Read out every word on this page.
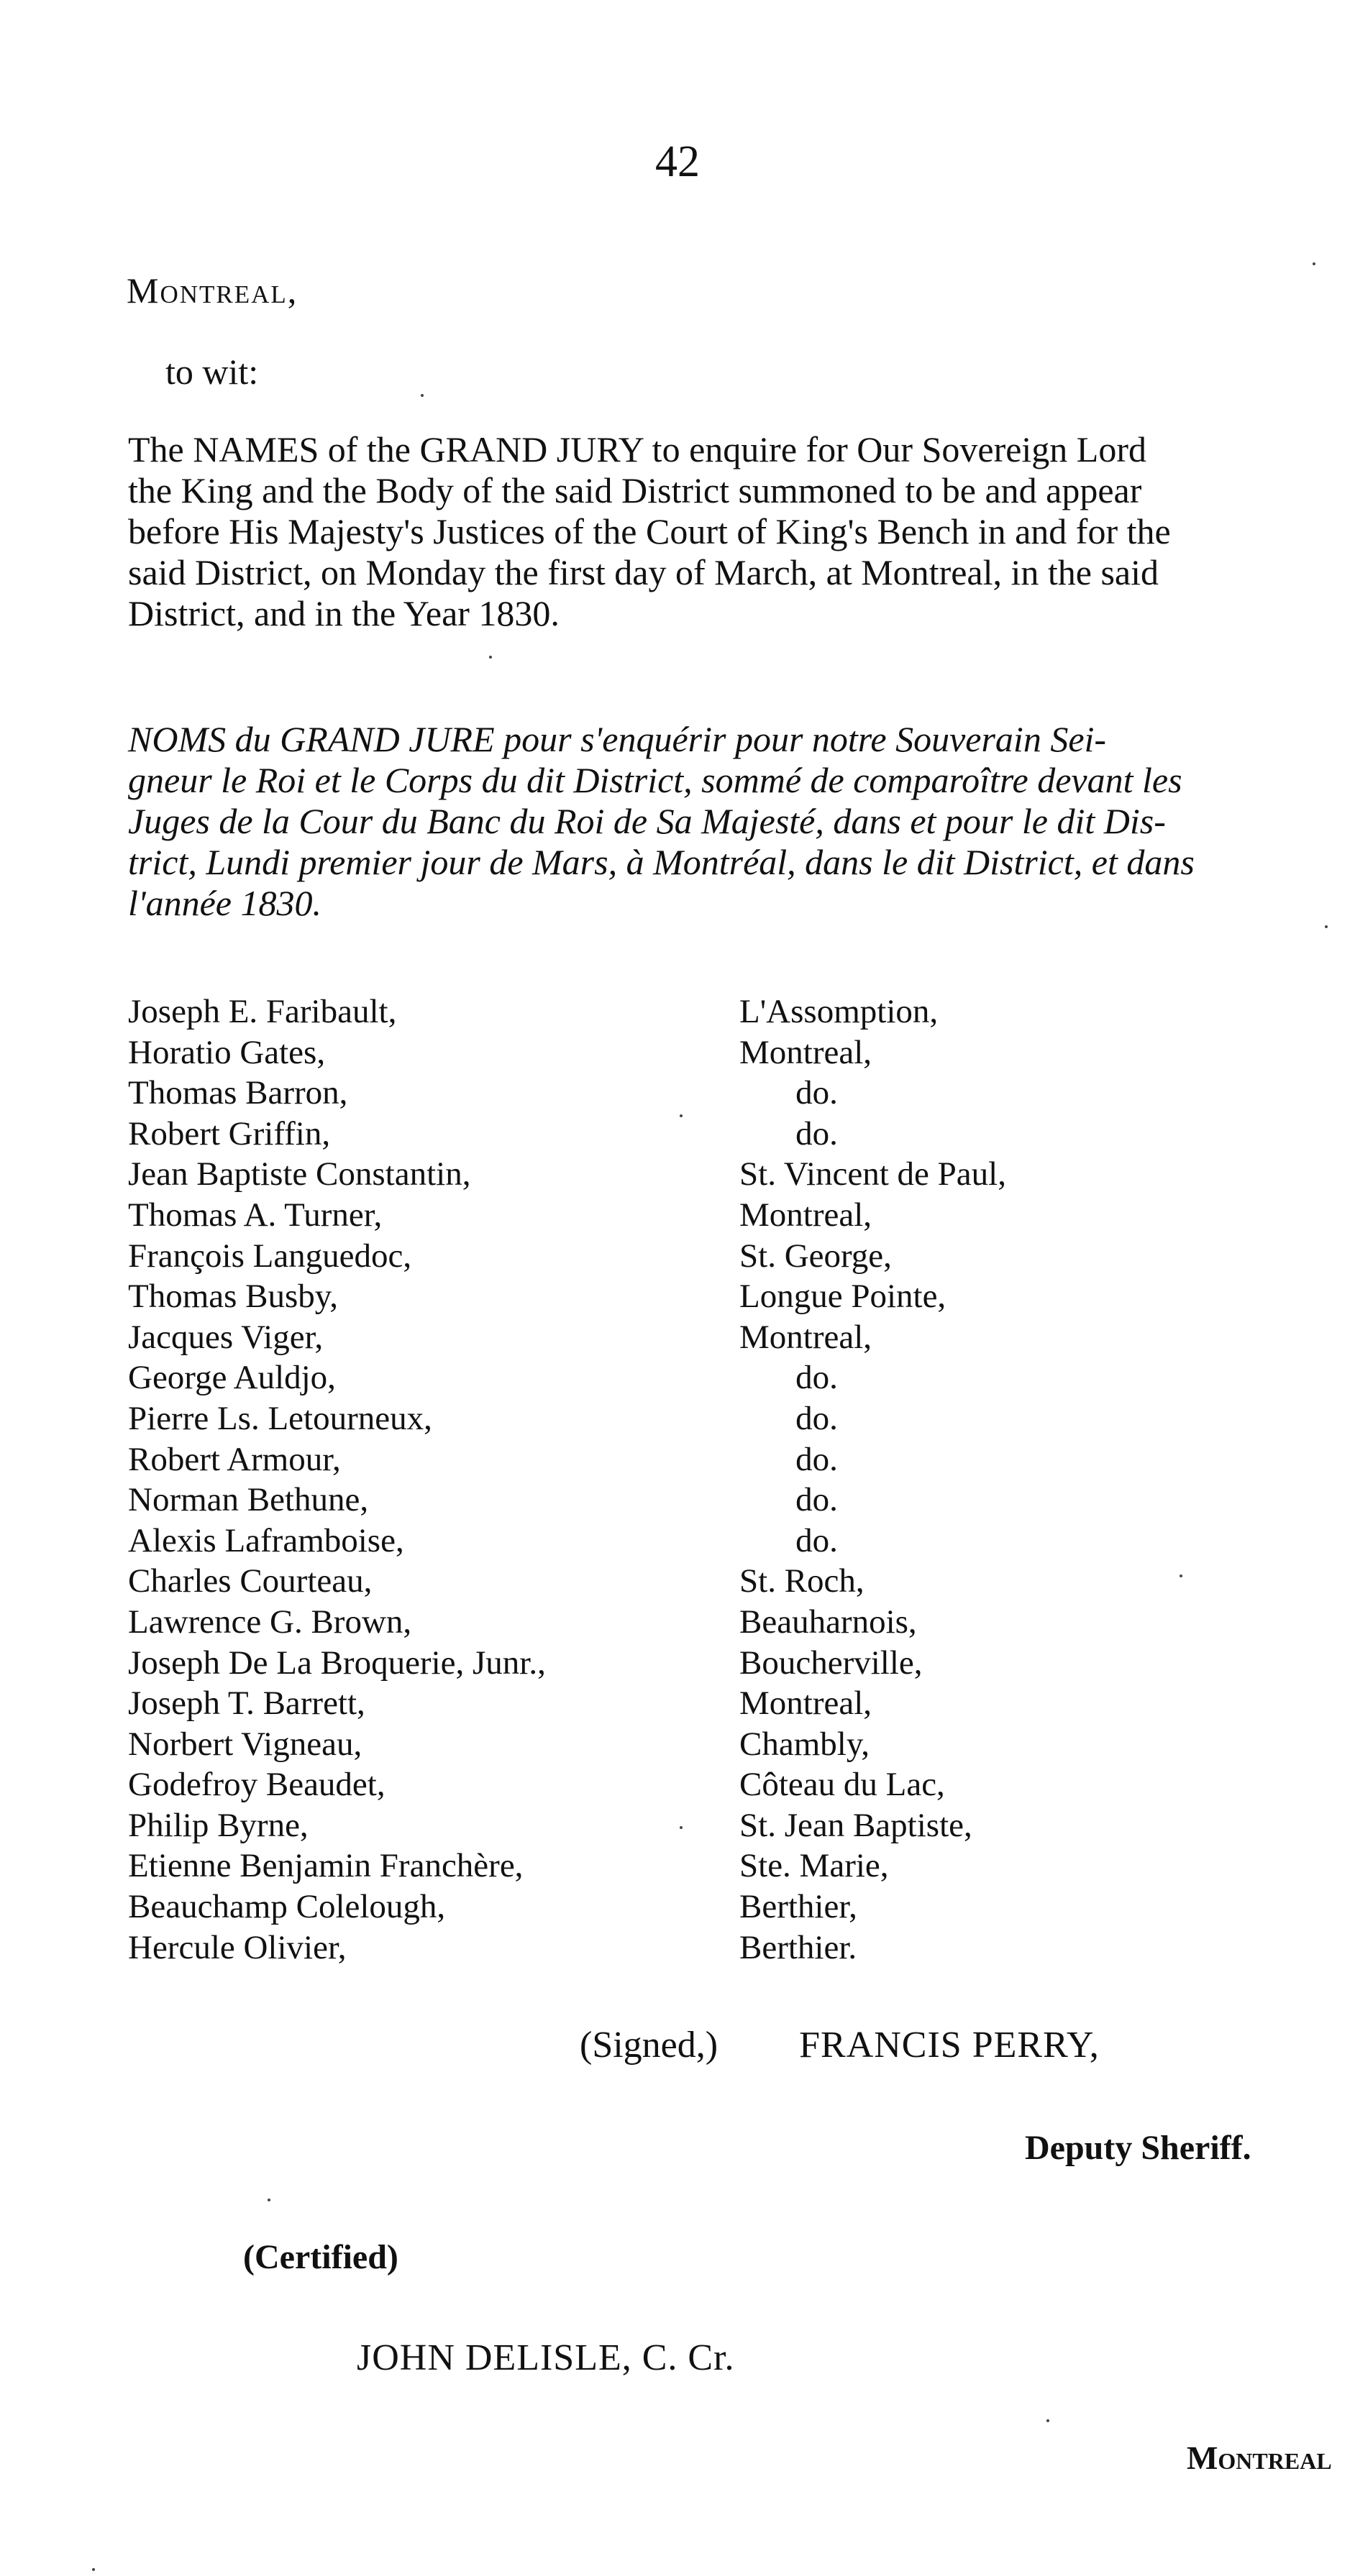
42
Montreal,
to wit:
The NAMES of the GRAND JURY to enquire for Our Sovereign Lord
the King and the Body of the said District summoned to be and appear
before His Majesty's Justices of the Court of King's Bench in and for the
said District, on Monday the first day of March, at Montreal, in the said
District, and in the Year 1830.
NOMS du GRAND JURE pour s'enquérir pour notre Souverain Sei-
gneur le Roi et le Corps du dit District, sommé de comparoître devant les
Juges de la Cour du Banc du Roi de Sa Majesté, dans et pour le dit Dis-
trict, Lundi premier jour de Mars, à Montréal, dans le dit District, et dans
l'année 1830.
Joseph E. Faribault,	L'Assomption,
Horatio Gates,	Montreal,
Thomas Barron,	do.
Robert Griffin,	do.
Jean Baptiste Constantin,	St. Vincent de Paul,
Thomas A. Turner,	Montreal,
François Languedoc,	St. George,
Thomas Busby,	Longue Pointe,
Jacques Viger,	Montreal,
George Auldjo,	do.
Pierre Ls. Letourneux,	do.
Robert Armour,	do.
Norman Bethune,	do.
Alexis Laframboise,	do.
Charles Courteau,	St. Roch,
Lawrence G. Brown,	Beauharnois,
Joseph De La Broquerie, Junr.,	Boucherville,
Joseph T. Barrett,	Montreal,
Norbert Vigneau,	Chambly,
Godefroy Beaudet,	Côteau du Lac,
Philip Byrne,	St. Jean Baptiste,
Etienne Benjamin Franchère,	Ste. Marie,
Beauchamp Colelough,	Berthier,
Hercule Olivier,	Berthier.
(Signed,) FRANCIS PERRY,
Deputy Sheriff.
(Certified)
JOHN DELISLE, C. Cr.
Montreal
